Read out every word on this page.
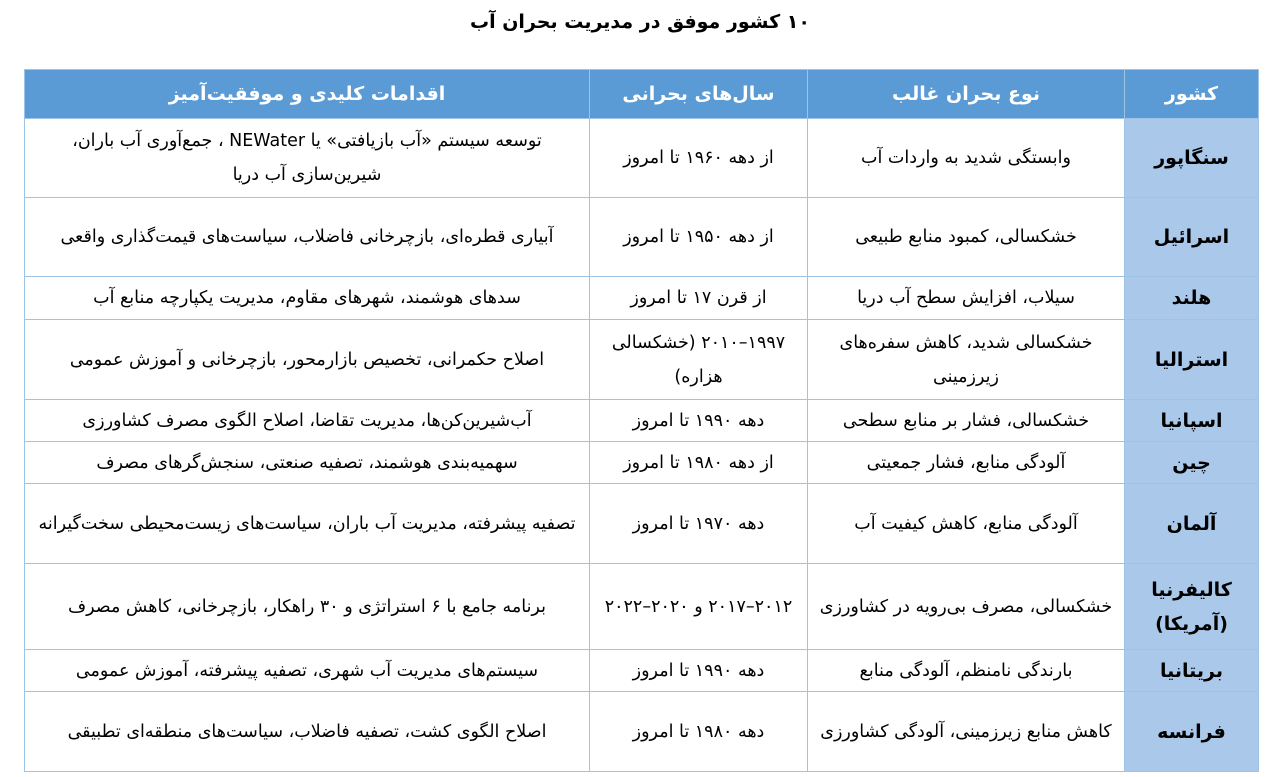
۱۰ کشور موفق در مدیریت بحران آب
کشور	نوع بحران غالب	سال‌های بحرانی	اقدامات کلیدی و موفقیت‌آمیز
سنگاپور	وابستگی شدید به واردات آب	از دهه ۱۹۶۰ تا امروز	توسعه سیستم «آب بازیافتی» یا NEWater ، جمع‌آوری آب باران، شیرین‌سازی آب دریا
اسرائیل	خشکسالی، کمبود منابع طبیعی	از دهه ۱۹۵۰ تا امروز	آبیاری قطره‌ای، بازچرخانی فاضلاب، سیاست‌های قیمت‌گذاری واقعی
هلند	سیلاب، افزایش سطح آب دریا	از قرن ۱۷ تا امروز	سدهای هوشمند، شهرهای مقاوم، مدیریت یکپارچه منابع آب
استرالیا	خشکسالی شدید، کاهش سفره‌های زیرزمینی	۱۹۹۷–۲۰۱۰ (خشکسالی هزاره)	اصلاح حکمرانی، تخصیص بازارمحور، بازچرخانی و آموزش عمومی
اسپانیا	خشکسالی، فشار بر منابع سطحی	دهه ۱۹۹۰ تا امروز	آب‌شیرین‌کن‌ها، مدیریت تقاضا، اصلاح الگوی مصرف کشاورزی
چین	آلودگی منابع، فشار جمعیتی	از دهه ۱۹۸۰ تا امروز	سهمیه‌بندی هوشمند، تصفیه صنعتی، سنجش‌گرهای مصرف
آلمان	آلودگی منابع، کاهش کیفیت آب	دهه ۱۹۷۰ تا امروز	تصفیه پیشرفته، مدیریت آب باران، سیاست‌های زیست‌محیطی سخت‌گیرانه
کالیفرنیا (آمریکا)	خشکسالی، مصرف بی‌رویه در کشاورزی	۲۰۱۲–۲۰۱۷ و ۲۰۲۰–۲۰۲۲	برنامه جامع با ۶ استراتژی و ۳۰ راهکار، بازچرخانی، کاهش مصرف
بریتانیا	بارندگی نامنظم، آلودگی منابع	دهه ۱۹۹۰ تا امروز	سیستم‌های مدیریت آب شهری، تصفیه پیشرفته، آموزش عمومی
فرانسه	کاهش منابع زیرزمینی، آلودگی کشاورزی	دهه ۱۹۸۰ تا امروز	اصلاح الگوی کشت، تصفیه فاضلاب، سیاست‌های منطقه‌ای تطبیقی
